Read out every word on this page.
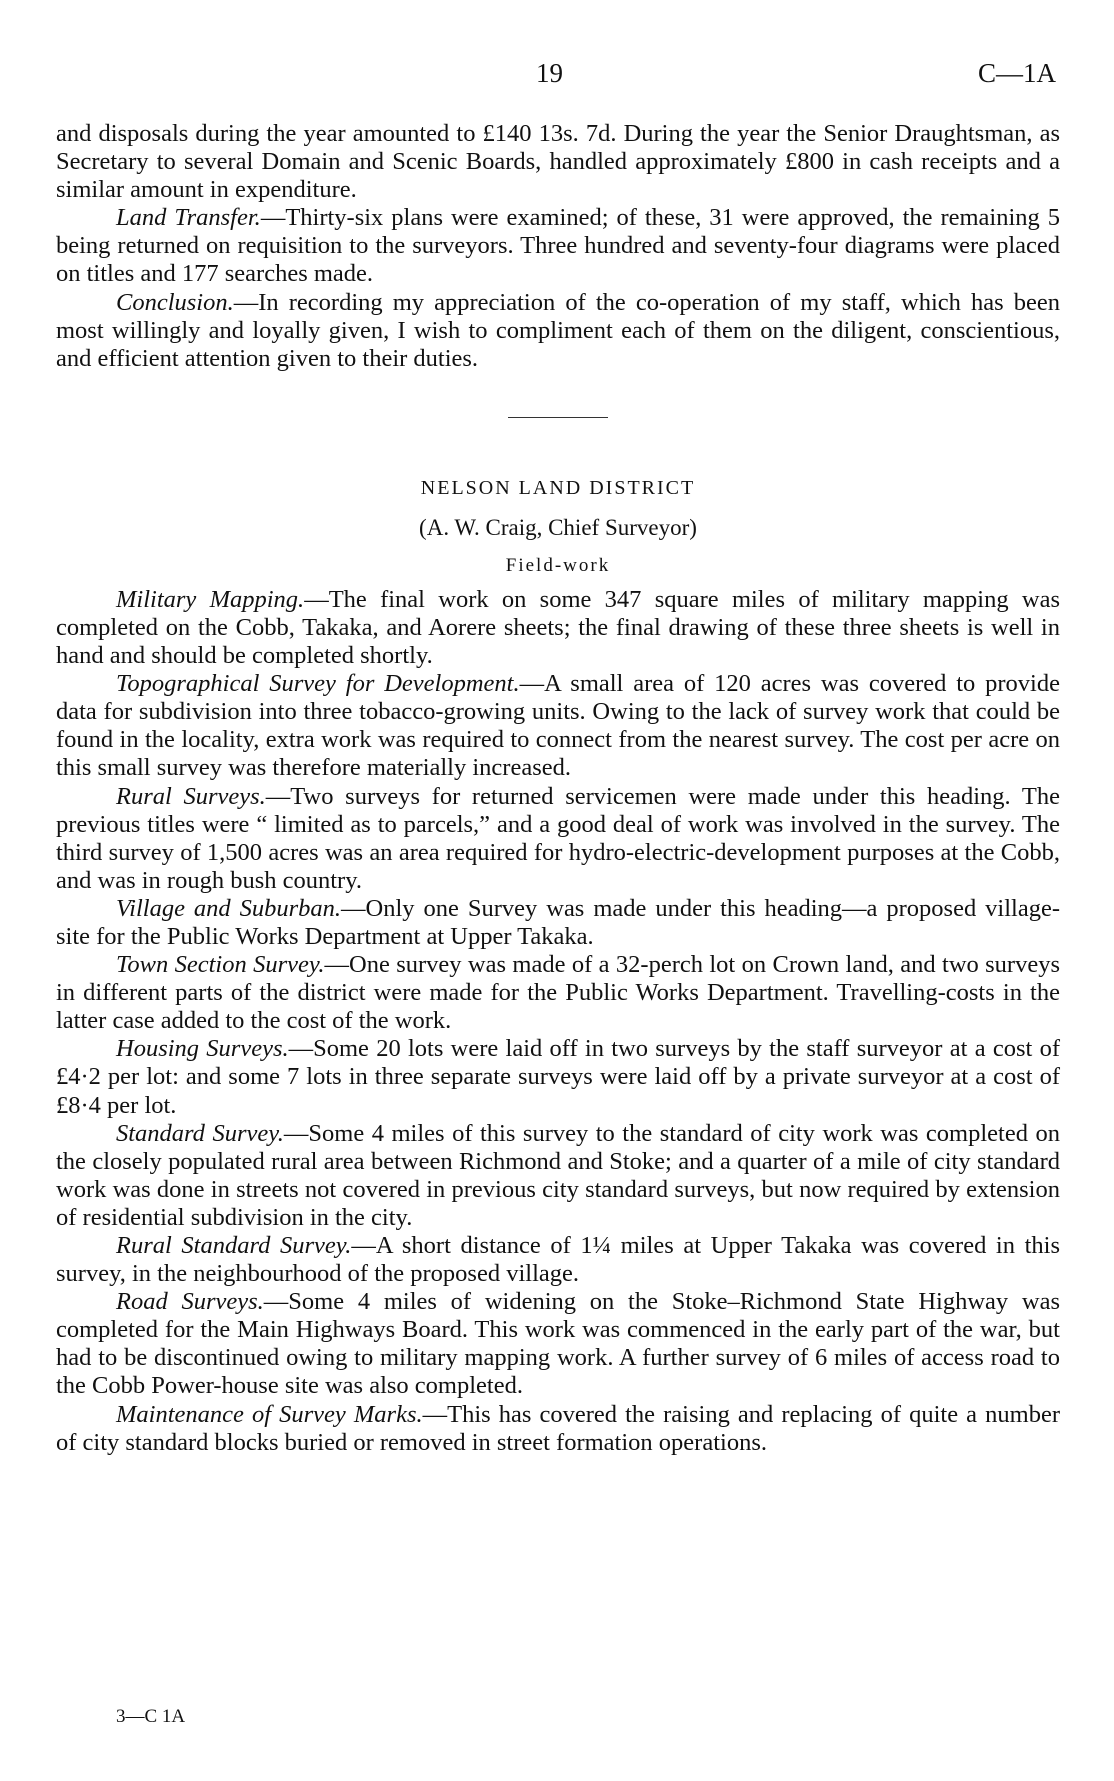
19	C—1A

and disposals during the year amounted to £140 13s. 7d. During the year the Senior Draughtsman, as Secretary to several Domain and Scenic Boards, handled approximately £800 in cash receipts and a similar amount in expenditure.

Land Transfer.—Thirty-six plans were examined; of these, 31 were approved, the remaining 5 being returned on requisition to the surveyors. Three hundred and seventy-four diagrams were placed on titles and 177 searches made.

Conclusion.—In recording my appreciation of the co-operation of my staff, which has been most willingly and loyally given, I wish to compliment each of them on the diligent, conscientious, and efficient attention given to their duties.

NELSON LAND DISTRICT
(A. W. Craig, Chief Surveyor)
Field-work

Military Mapping.—The final work on some 347 square miles of military mapping was completed on the Cobb, Takaka, and Aorere sheets; the final drawing of these three sheets is well in hand and should be completed shortly.

Topographical Survey for Development.—A small area of 120 acres was covered to provide data for subdivision into three tobacco-growing units. Owing to the lack of survey work that could be found in the locality, extra work was required to connect from the nearest survey. The cost per acre on this small survey was therefore materially increased.

Rural Surveys.—Two surveys for returned servicemen were made under this heading. The previous titles were “ limited as to parcels,” and a good deal of work was involved in the survey. The third survey of 1,500 acres was an area required for hydro-electric-development purposes at the Cobb, and was in rough bush country.

Village and Suburban.—Only one Survey was made under this heading—a proposed village-site for the Public Works Department at Upper Takaka.

Town Section Survey.—One survey was made of a 32-perch lot on Crown land, and two surveys in different parts of the district were made for the Public Works Department. Travelling-costs in the latter case added to the cost of the work.

Housing Surveys.—Some 20 lots were laid off in two surveys by the staff surveyor at a cost of £4·2 per lot: and some 7 lots in three separate surveys were laid off by a private surveyor at a cost of £8·4 per lot.

Standard Survey.—Some 4 miles of this survey to the standard of city work was completed on the closely populated rural area between Richmond and Stoke; and a quarter of a mile of city standard work was done in streets not covered in previous city standard surveys, but now required by extension of residential subdivision in the city.

Rural Standard Survey.—A short distance of 1¼ miles at Upper Takaka was covered in this survey, in the neighbourhood of the proposed village.

Road Surveys.—Some 4 miles of widening on the Stoke–Richmond State Highway was completed for the Main Highways Board. This work was commenced in the early part of the war, but had to be discontinued owing to military mapping work. A further survey of 6 miles of access road to the Cobb Power-house site was also completed.

Maintenance of Survey Marks.—This has covered the raising and replacing of quite a number of city standard blocks buried or removed in street formation operations.

3—C 1A
